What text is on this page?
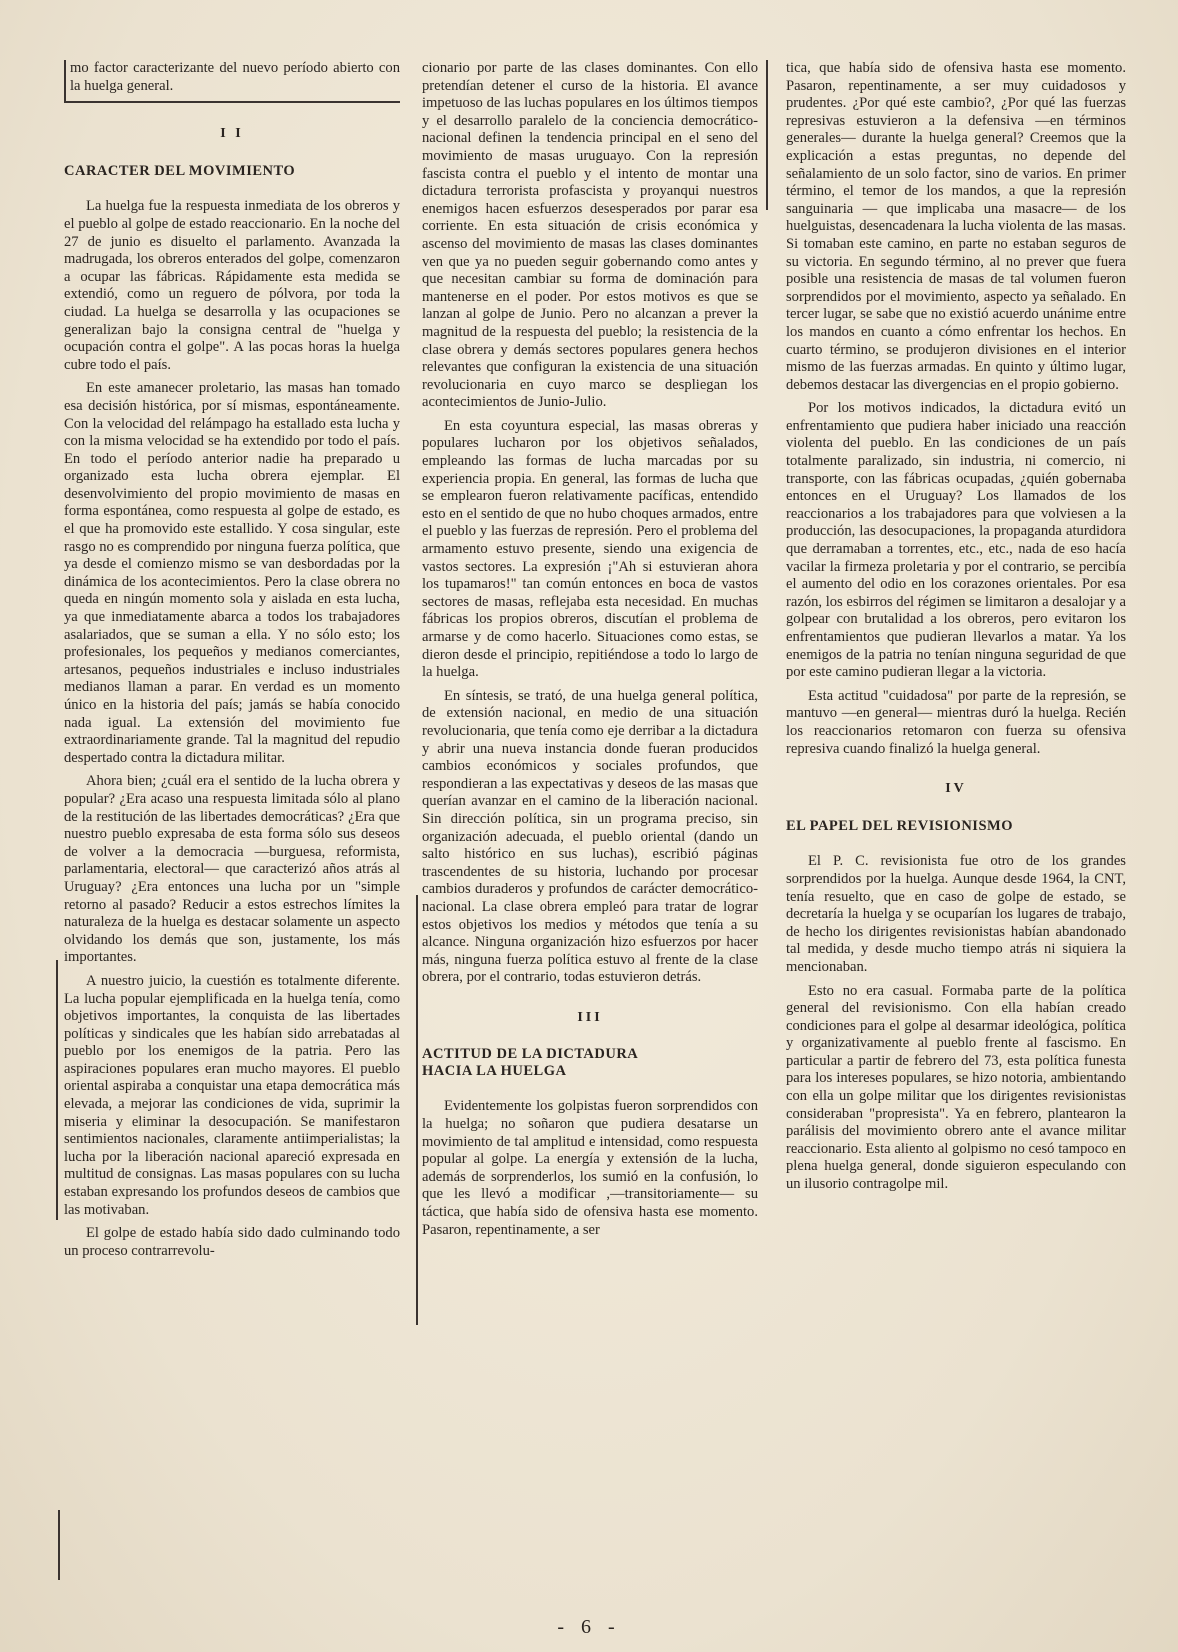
mo factor caracterizante del nuevo período abierto con la huelga general.

I I
CARACTER DEL MOVIMIENTO

La huelga fue la respuesta inmediata de los obreros y el pueblo al golpe de estado reaccionario. En la noche del 27 de junio es disuelto el parlamento. Avanzada la madrugada, los obreros enterados del golpe, comenzaron a ocupar las fábricas. Rápidamente esta medida se extendió, como un reguero de pólvora, por toda la ciudad. La huelga se desarrolla y las ocupaciones se generalizan bajo la consigna central de "huelga y ocupación contra el golpe". A las pocas horas la huelga cubre todo el país.

En este amanecer proletario, las masas han tomado esa decisión histórica, por sí mismas, espontáneamente. Con la velocidad del relámpago ha estallado esta lucha y con la misma velocidad se ha extendido por todo el país. En todo el período anterior nadie ha preparado u organizado esta lucha obrera ejemplar. El desenvolvimiento del propio movimiento de masas en forma espontánea, como respuesta al golpe de estado, es el que ha promovido este estallido. Y cosa singular, este rasgo no es comprendido por ninguna fuerza política, que ya desde el comienzo mismo se van desbordadas por la dinámica de los acontecimientos. Pero la clase obrera no queda en ningún momento sola y aislada en esta lucha, ya que inmediatamente abarca a todos los trabajadores asalariados, que se suman a ella. Y no sólo esto; los profesionales, los pequeños y medianos comerciantes, artesanos, pequeños industriales e incluso industriales medianos llaman a parar. En verdad es un momento único en la historia del país; jamás se había conocido nada igual. La extensión del movimiento fue extraordinariamente grande. Tal la magnitud del repudio despertado contra la dictadura militar.

Ahora bien; ¿cuál era el sentido de la lucha obrera y popular? ¿Era acaso una respuesta limitada sólo al plano de la restitución de las libertades democráticas? ¿Era que nuestro pueblo expresaba de esta forma sólo sus deseos de volver a la democracia —burguesa, reformista, parlamentaria, electoral— que caracterizó años atrás al Uruguay? ¿Era entonces una lucha por un "simple retorno al pasado? Reducir a estos estrechos límites la naturaleza de la huelga es destacar solamente un aspecto olvidando los demás que son, justamente, los más importantes.

A nuestro juicio, la cuestión es totalmente diferente. La lucha popular ejemplificada en la huelga tenía, como objetivos importantes, la conquista de las libertades políticas y sindicales que les habían sido arrebatadas al pueblo por los enemigos de la patria. Pero las aspiraciones populares eran mucho mayores. El pueblo oriental aspiraba a conquistar una etapa democrática más elevada, a mejorar las condiciones de vida, suprimir la miseria y eliminar la desocupación. Se manifestaron sentimientos nacionales, claramente antiimperialistas; la lucha por la liberación nacional apareció expresada en multitud de consignas. Las masas populares con su lucha estaban expresando los profundos deseos de cambios que las motivaban.

El golpe de estado había sido dado culminando todo un proceso contrarrevolu-

cionario por parte de las clases dominantes. Con ello pretendían detener el curso de la historia. El avance impetuoso de las luchas populares en los últimos tiempos y el desarrollo paralelo de la conciencia democrático-nacional definen la tendencia principal en el seno del movimiento de masas uruguayo. Con la represión fascista contra el pueblo y el intento de montar una dictadura terrorista profascista y proyanqui nuestros enemigos hacen esfuerzos desesperados por parar esa corriente. En esta situación de crisis económica y ascenso del movimiento de masas las clases dominantes ven que ya no pueden seguir gobernando como antes y que necesitan cambiar su forma de dominación para mantenerse en el poder. Por estos motivos es que se lanzan al golpe de Junio. Pero no alcanzan a prever la magnitud de la respuesta del pueblo; la resistencia de la clase obrera y demás sectores populares genera hechos relevantes que configuran la existencia de una situación revolucionaria en cuyo marco se despliegan los acontecimientos de Junio-Julio.

En esta coyuntura especial, las masas obreras y populares lucharon por los objetivos señalados, empleando las formas de lucha marcadas por su experiencia propia. En general, las formas de lucha que se emplearon fueron relativamente pacíficas, entendido esto en el sentido de que no hubo choques armados, entre el pueblo y las fuerzas de represión. Pero el problema del armamento estuvo presente, siendo una exigencia de vastos sectores. La expresión ¡"Ah si estuvieran ahora los tupamaros!" tan común entonces en boca de vastos sectores de masas, reflejaba esta necesidad. En muchas fábricas los propios obreros, discutían el problema de armarse y de como hacerlo. Situaciones como estas, se dieron desde el principio, repitiéndose a todo lo largo de la huelga.

En síntesis, se trató, de una huelga general política, de extensión nacional, en medio de una situación revolucionaria, que tenía como eje derribar a la dictadura y abrir una nueva instancia donde fueran producidos cambios económicos y sociales profundos, que respondieran a las expectativas y deseos de las masas que querían avanzar en el camino de la liberación nacional. Sin dirección política, sin un programa preciso, sin organización adecuada, el pueblo oriental (dando un salto histórico en sus luchas), escribió páginas trascendentes de su historia, luchando por procesar cambios duraderos y profundos de carácter democrático-nacional. La clase obrera empleó para tratar de lograr estos objetivos los medios y métodos que tenía a su alcance. Ninguna organización hizo esfuerzos por hacer más, ninguna fuerza política estuvo al frente de la clase obrera, por el contrario, todas estuvieron detrás.

III
ACTITUD DE LA DICTADURA
HACIA LA HUELGA

Evidentemente los golpistas fueron sorprendidos con la huelga; no soñaron que pudiera desatarse un movimiento de tal amplitud e intensidad, como respuesta popular al golpe. La energía y extensión de la lucha, además de sorprenderlos, los sumió en la confusión, lo que les llevó a modificar ,—transitoriamente— su táctica, que había sido de ofensiva hasta ese momento. Pasaron, repentinamente, a ser

tica, que había sido de ofensiva hasta ese momento. Pasaron, repentinamente, a ser muy cuidadosos y prudentes. ¿Por qué este cambio?, ¿Por qué las fuerzas represivas estuvieron a la defensiva —en términos generales— durante la huelga general? Creemos que la explicación a estas preguntas, no depende del señalamiento de un solo factor, sino de varios. En primer término, el temor de los mandos, a que la represión sanguinaria — que implicaba una masacre— de los huelguistas, desencadenara la lucha violenta de las masas. Si tomaban este camino, en parte no estaban seguros de su victoria. En segundo término, al no prever que fuera posible una resistencia de masas de tal volumen fueron sorprendidos por el movimiento, aspecto ya señalado. En tercer lugar, se sabe que no existió acuerdo unánime entre los mandos en cuanto a cómo enfrentar los hechos. En cuarto término, se produjeron divisiones en el interior mismo de las fuerzas armadas. En quinto y último lugar, debemos destacar las divergencias en el propio gobierno.

Por los motivos indicados, la dictadura evitó un enfrentamiento que pudiera haber iniciado una reacción violenta del pueblo. En las condiciones de un país totalmente paralizado, sin industria, ni comercio, ni transporte, con las fábricas ocupadas, ¿quién gobernaba entonces en el Uruguay? Los llamados de los reaccionarios a los trabajadores para que volviesen a la producción, las desocupaciones, la propaganda aturdidora que derramaban a torrentes, etc., etc., nada de eso hacía vacilar la firmeza proletaria y por el contrario, se percibía el aumento del odio en los corazones orientales. Por esa razón, los esbirros del régimen se limitaron a desalojar y a golpear con brutalidad a los obreros, pero evitaron los enfrentamientos que pudieran llevarlos a matar. Ya los enemigos de la patria no tenían ninguna seguridad de que por este camino pudieran llegar a la victoria.

Esta actitud "cuidadosa" por parte de la represión, se mantuvo —en general— mientras duró la huelga. Recién los reaccionarios retomaron con fuerza su ofensiva represiva cuando finalizó la huelga general.

IV
EL PAPEL DEL REVISIONISMO

El P. C. revisionista fue otro de los grandes sorprendidos por la huelga. Aunque desde 1964, la CNT, tenía resuelto, que en caso de golpe de estado, se decretaría la huelga y se ocuparían los lugares de trabajo, de hecho los dirigentes revisionistas habían abandonado tal medida, y desde mucho tiempo atrás ni siquiera la mencionaban.

Esto no era casual. Formaba parte de la política general del revisionismo. Con ella habían creado condiciones para el golpe al desarmar ideológica, política y organizativamente al pueblo frente al fascismo. En particular a partir de febrero del 73, esta política funesta para los intereses populares, se hizo notoria, ambientando con ella un golpe militar que los dirigentes revisionistas consideraban "propresista". Ya en febrero, plantearon la parálisis del movimiento obrero ante el avance militar reaccionario. Esta aliento al golpismo no cesó tampoco en plena huelga general, donde siguieron especulando con un ilusorio contragolpe mil.

- 6 -
